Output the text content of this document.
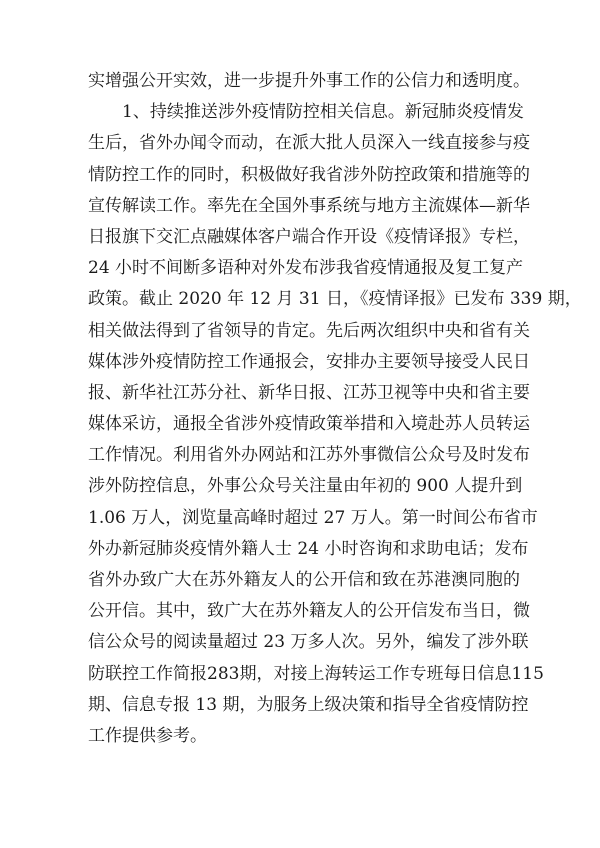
实增强公开实效，进一步提升外事工作的公信力和透明度。
1、持续推送涉外疫情防控相关信息。新冠肺炎疫情发
生后，省外办闻令而动，在派大批人员深入一线直接参与疫
情防控工作的同时，积极做好我省涉外防控政策和措施等的
宣传解读工作。率先在全国外事系统与地方主流媒体—新华
日报旗下交汇点融媒体客户端合作开设《疫情译报》专栏，
24 小时不间断多语种对外发布涉我省疫情通报及复工复产
政策。截止 2020 年 12 月 31 日，《疫情译报》已发布 339 期，
相关做法得到了省领导的肯定。先后两次组织中央和省有关
媒体涉外疫情防控工作通报会，安排办主要领导接受人民日
报、新华社江苏分社、新华日报、江苏卫视等中央和省主要
媒体采访，通报全省涉外疫情政策举措和入境赴苏人员转运
工作情况。利用省外办网站和江苏外事微信公众号及时发布
涉外防控信息，外事公众号关注量由年初的 900 人提升到
1.06 万人，浏览量高峰时超过 27 万人。第一时间公布省市
外办新冠肺炎疫情外籍人士 24 小时咨询和求助电话；发布
省外办致广大在苏外籍友人的公开信和致在苏港澳同胞的
公开信。其中，致广大在苏外籍友人的公开信发布当日，微
信公众号的阅读量超过 23 万多人次。另外，编发了涉外联
防联控工作简报283期，对接上海转运工作专班每日信息115
期、信息专报 13 期，为服务上级决策和指导全省疫情防控
工作提供参考。
